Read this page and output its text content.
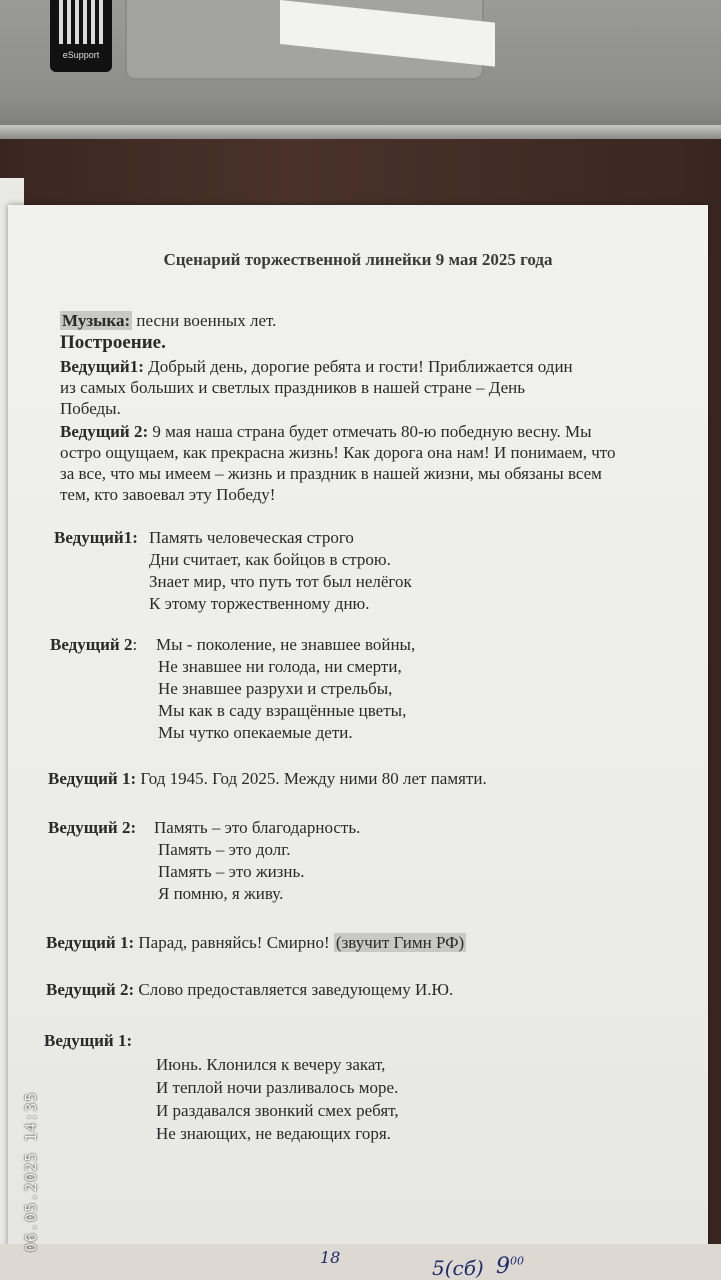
eSupport
Сценарий торжественной линейки 9 мая 2025 года
Музыка: песни военных лет.
Построение.
Ведущий1: Добрый день, дорогие ребята и гости! Приближается один
из самых больших и светлых праздников в нашей стране – День
Победы.
Ведущий 2: 9 мая наша страна будет отмечать 80-ю победную весну. Мы
остро ощущаем, как прекрасна жизнь! Как дорога она нам! И понимаем, что
за все, что мы имеем – жизнь и праздник в нашей жизни, мы обязаны всем
тем, кто завоевал эту Победу!
Ведущий1: Память человеческая строго
Дни считает, как бойцов в строю.
Знает мир, что путь тот был нелёгок
К этому торжественному дню.
Ведущий 2: Мы - поколение, не знавшее войны,
Не знавшее ни голода, ни смерти,
Не знавшее разрухи и стрельбы,
Мы как в саду взращённые цветы,
Мы чутко опекаемые дети.
Ведущий 1: Год 1945. Год 2025. Между ними 80 лет памяти.
Ведущий 2: Память – это благодарность.
Память – это долг.
Память – это жизнь.
Я помню, я живу.
Ведущий 1: Парад, равняйсь! Смирно! (звучит Гимн РФ)
Ведущий 2: Слово предоставляется заведующему И.Ю.
Ведущий 1:
Июнь. Клонился к вечеру закат,
И теплой ночи разливалось море.
И раздавался звонкий смех ребят,
Не знающих, не ведающих горя.
18	5(сб) $9^{00}$
06.05.2025 14:35
